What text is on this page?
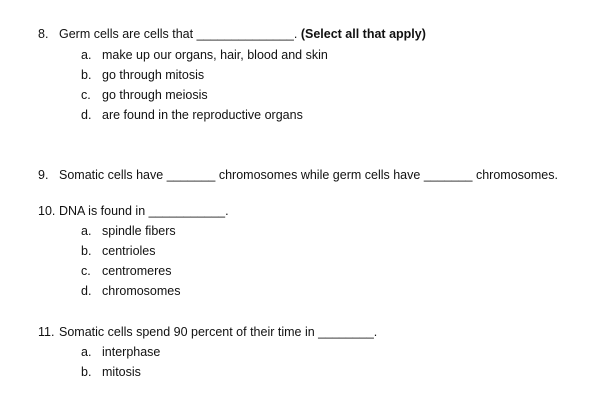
8. Germ cells are cells that ______________. (Select all that apply)
a. make up our organs, hair, blood and skin
b. go through mitosis
c. go through meiosis
d. are found in the reproductive organs
9. Somatic cells have _______ chromosomes while germ cells have _______ chromosomes.
10. DNA is found in ___________.
a. spindle fibers
b. centrioles
c. centromeres
d. chromosomes
11. Somatic cells spend 90 percent of their time in ________.
a. interphase
b. mitosis
